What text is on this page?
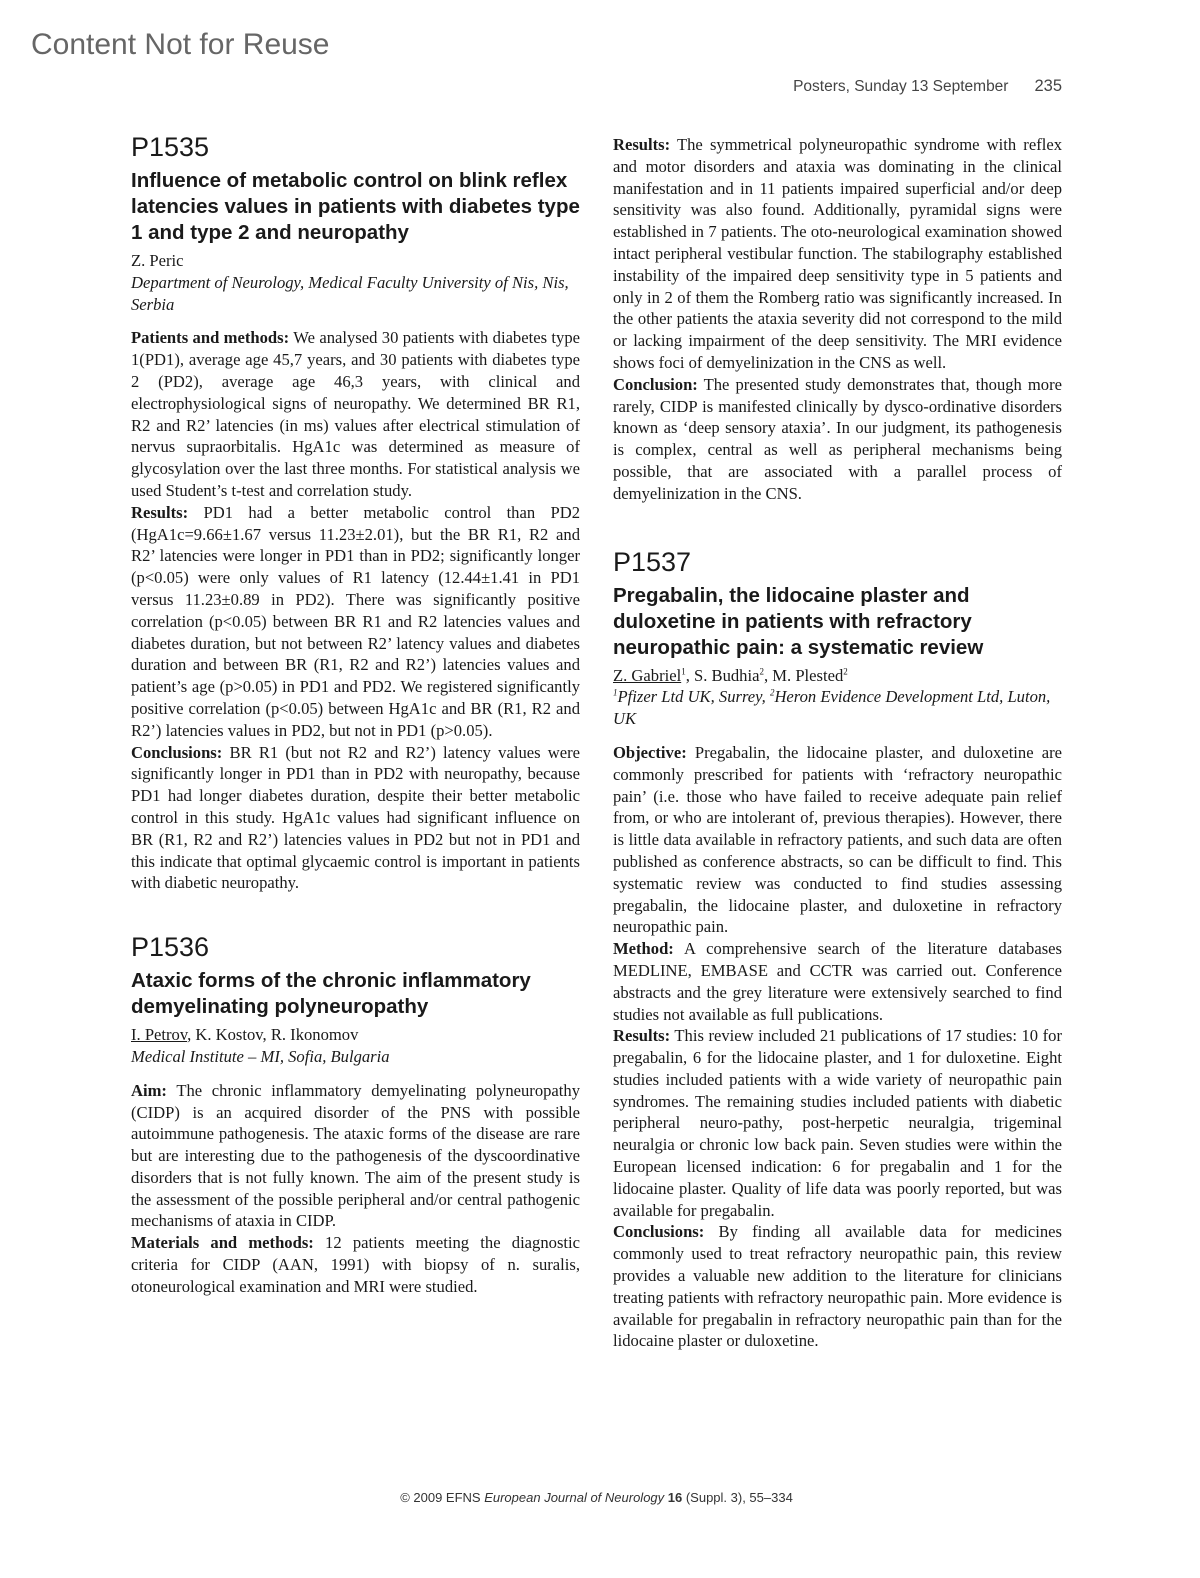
Content Not for Reuse
Posters, Sunday 13 September 235
P1535
Influence of metabolic control on blink reflex latencies values in patients with diabetes type 1 and type 2 and neuropathy
Z. Peric
Department of Neurology, Medical Faculty University of Nis, Nis, Serbia
Patients and methods: We analysed 30 patients with diabetes type 1(PD1), average age 45,7 years, and 30 patients with diabetes type 2 (PD2), average age 46,3 years, with clinical and electrophysiological signs of neuropathy. We determined BR R1, R2 and R2’ latencies (in ms) values after electrical stimulation of nervus supraorbitalis. HgA1c was determined as measure of glycosylation over the last three months. For statistical analysis we used Student’s t-test and correlation study.
Results: PD1 had a better metabolic control than PD2 (HgA1c=9.66±1.67 versus 11.23±2.01), but the BR R1, R2 and R2’ latencies were longer in PD1 than in PD2; significantly longer (p<0.05) were only values of R1 latency (12.44±1.41 in PD1 versus 11.23±0.89 in PD2). There was significantly positive correlation (p<0.05) between BR R1 and R2 latencies values and diabetes duration, but not between R2’ latency values and diabetes duration and between BR (R1, R2 and R2’) latencies values and patient’s age (p>0.05) in PD1 and PD2. We registered significantly positive correlation (p<0.05) between HgA1c and BR (R1, R2 and R2’) latencies values in PD2, but not in PD1 (p>0.05).
Conclusions: BR R1 (but not R2 and R2’) latency values were significantly longer in PD1 than in PD2 with neuropathy, because PD1 had longer diabetes duration, despite their better metabolic control in this study. HgA1c values had significant influence on BR (R1, R2 and R2’) latencies values in PD2 but not in PD1 and this indicate that optimal glycaemic control is important in patients with diabetic neuropathy.
P1536
Ataxic forms of the chronic inflammatory demyelinating polyneuropathy
I. Petrov, K. Kostov, R. Ikonomov
Medical Institute – MI, Sofia, Bulgaria
Aim: The chronic inflammatory demyelinating polyneuropathy (CIDP) is an acquired disorder of the PNS with possible autoimmune pathogenesis. The ataxic forms of the disease are rare but are interesting due to the pathogenesis of the dyscoordinative disorders that is not fully known. The aim of the present study is the assessment of the possible peripheral and/or central pathogenic mechanisms of ataxia in CIDP.
Materials and methods: 12 patients meeting the diagnostic criteria for CIDP (AAN, 1991) with biopsy of n. suralis, otoneurological examination and MRI were studied.
Results: The symmetrical polyneuropathic syndrome with reflex and motor disorders and ataxia was dominating in the clinical manifestation and in 11 patients impaired superficial and/or deep sensitivity was also found. Additionally, pyramidal signs were established in 7 patients. The oto-neurological examination showed intact peripheral vestibular function. The stabilography established instability of the impaired deep sensitivity type in 5 patients and only in 2 of them the Romberg ratio was significantly increased. In the other patients the ataxia severity did not correspond to the mild or lacking impairment of the deep sensitivity. The MRI evidence shows foci of demyelinization in the CNS as well.
Conclusion: The presented study demonstrates that, though more rarely, CIDP is manifested clinically by dysco-ordinative disorders known as ‘deep sensory ataxia’. In our judgment, its pathogenesis is complex, central as well as peripheral mechanisms being possible, that are associated with a parallel process of demyelinization in the CNS.
P1537
Pregabalin, the lidocaine plaster and duloxetine in patients with refractory neuropathic pain: a systematic review
Z. Gabriel$^1$, S. Budhia$^2$, M. Plested$^2$
$^1$Pfizer Ltd UK, Surrey, $^2$Heron Evidence Development Ltd, Luton, UK
Objective: Pregabalin, the lidocaine plaster, and duloxetine are commonly prescribed for patients with ‘refractory neuropathic pain’ (i.e. those who have failed to receive adequate pain relief from, or who are intolerant of, previous therapies). However, there is little data available in refractory patients, and such data are often published as conference abstracts, so can be difficult to find. This systematic review was conducted to find studies assessing pregabalin, the lidocaine plaster, and duloxetine in refractory neuropathic pain.
Method: A comprehensive search of the literature databases MEDLINE, EMBASE and CCTR was carried out. Conference abstracts and the grey literature were extensively searched to find studies not available as full publications.
Results: This review included 21 publications of 17 studies: 10 for pregabalin, 6 for the lidocaine plaster, and 1 for duloxetine. Eight studies included patients with a wide variety of neuropathic pain syndromes. The remaining studies included patients with diabetic peripheral neuro-pathy, post-herpetic neuralgia, trigeminal neuralgia or chronic low back pain. Seven studies were within the European licensed indication: 6 for pregabalin and 1 for the lidocaine plaster. Quality of life data was poorly reported, but was available for pregabalin.
Conclusions: By finding all available data for medicines commonly used to treat refractory neuropathic pain, this review provides a valuable new addition to the literature for clinicians treating patients with refractory neuropathic pain. More evidence is available for pregabalin in refractory neuropathic pain than for the lidocaine plaster or duloxetine.
© 2009 EFNS European Journal of Neurology 16 (Suppl. 3), 55–334
